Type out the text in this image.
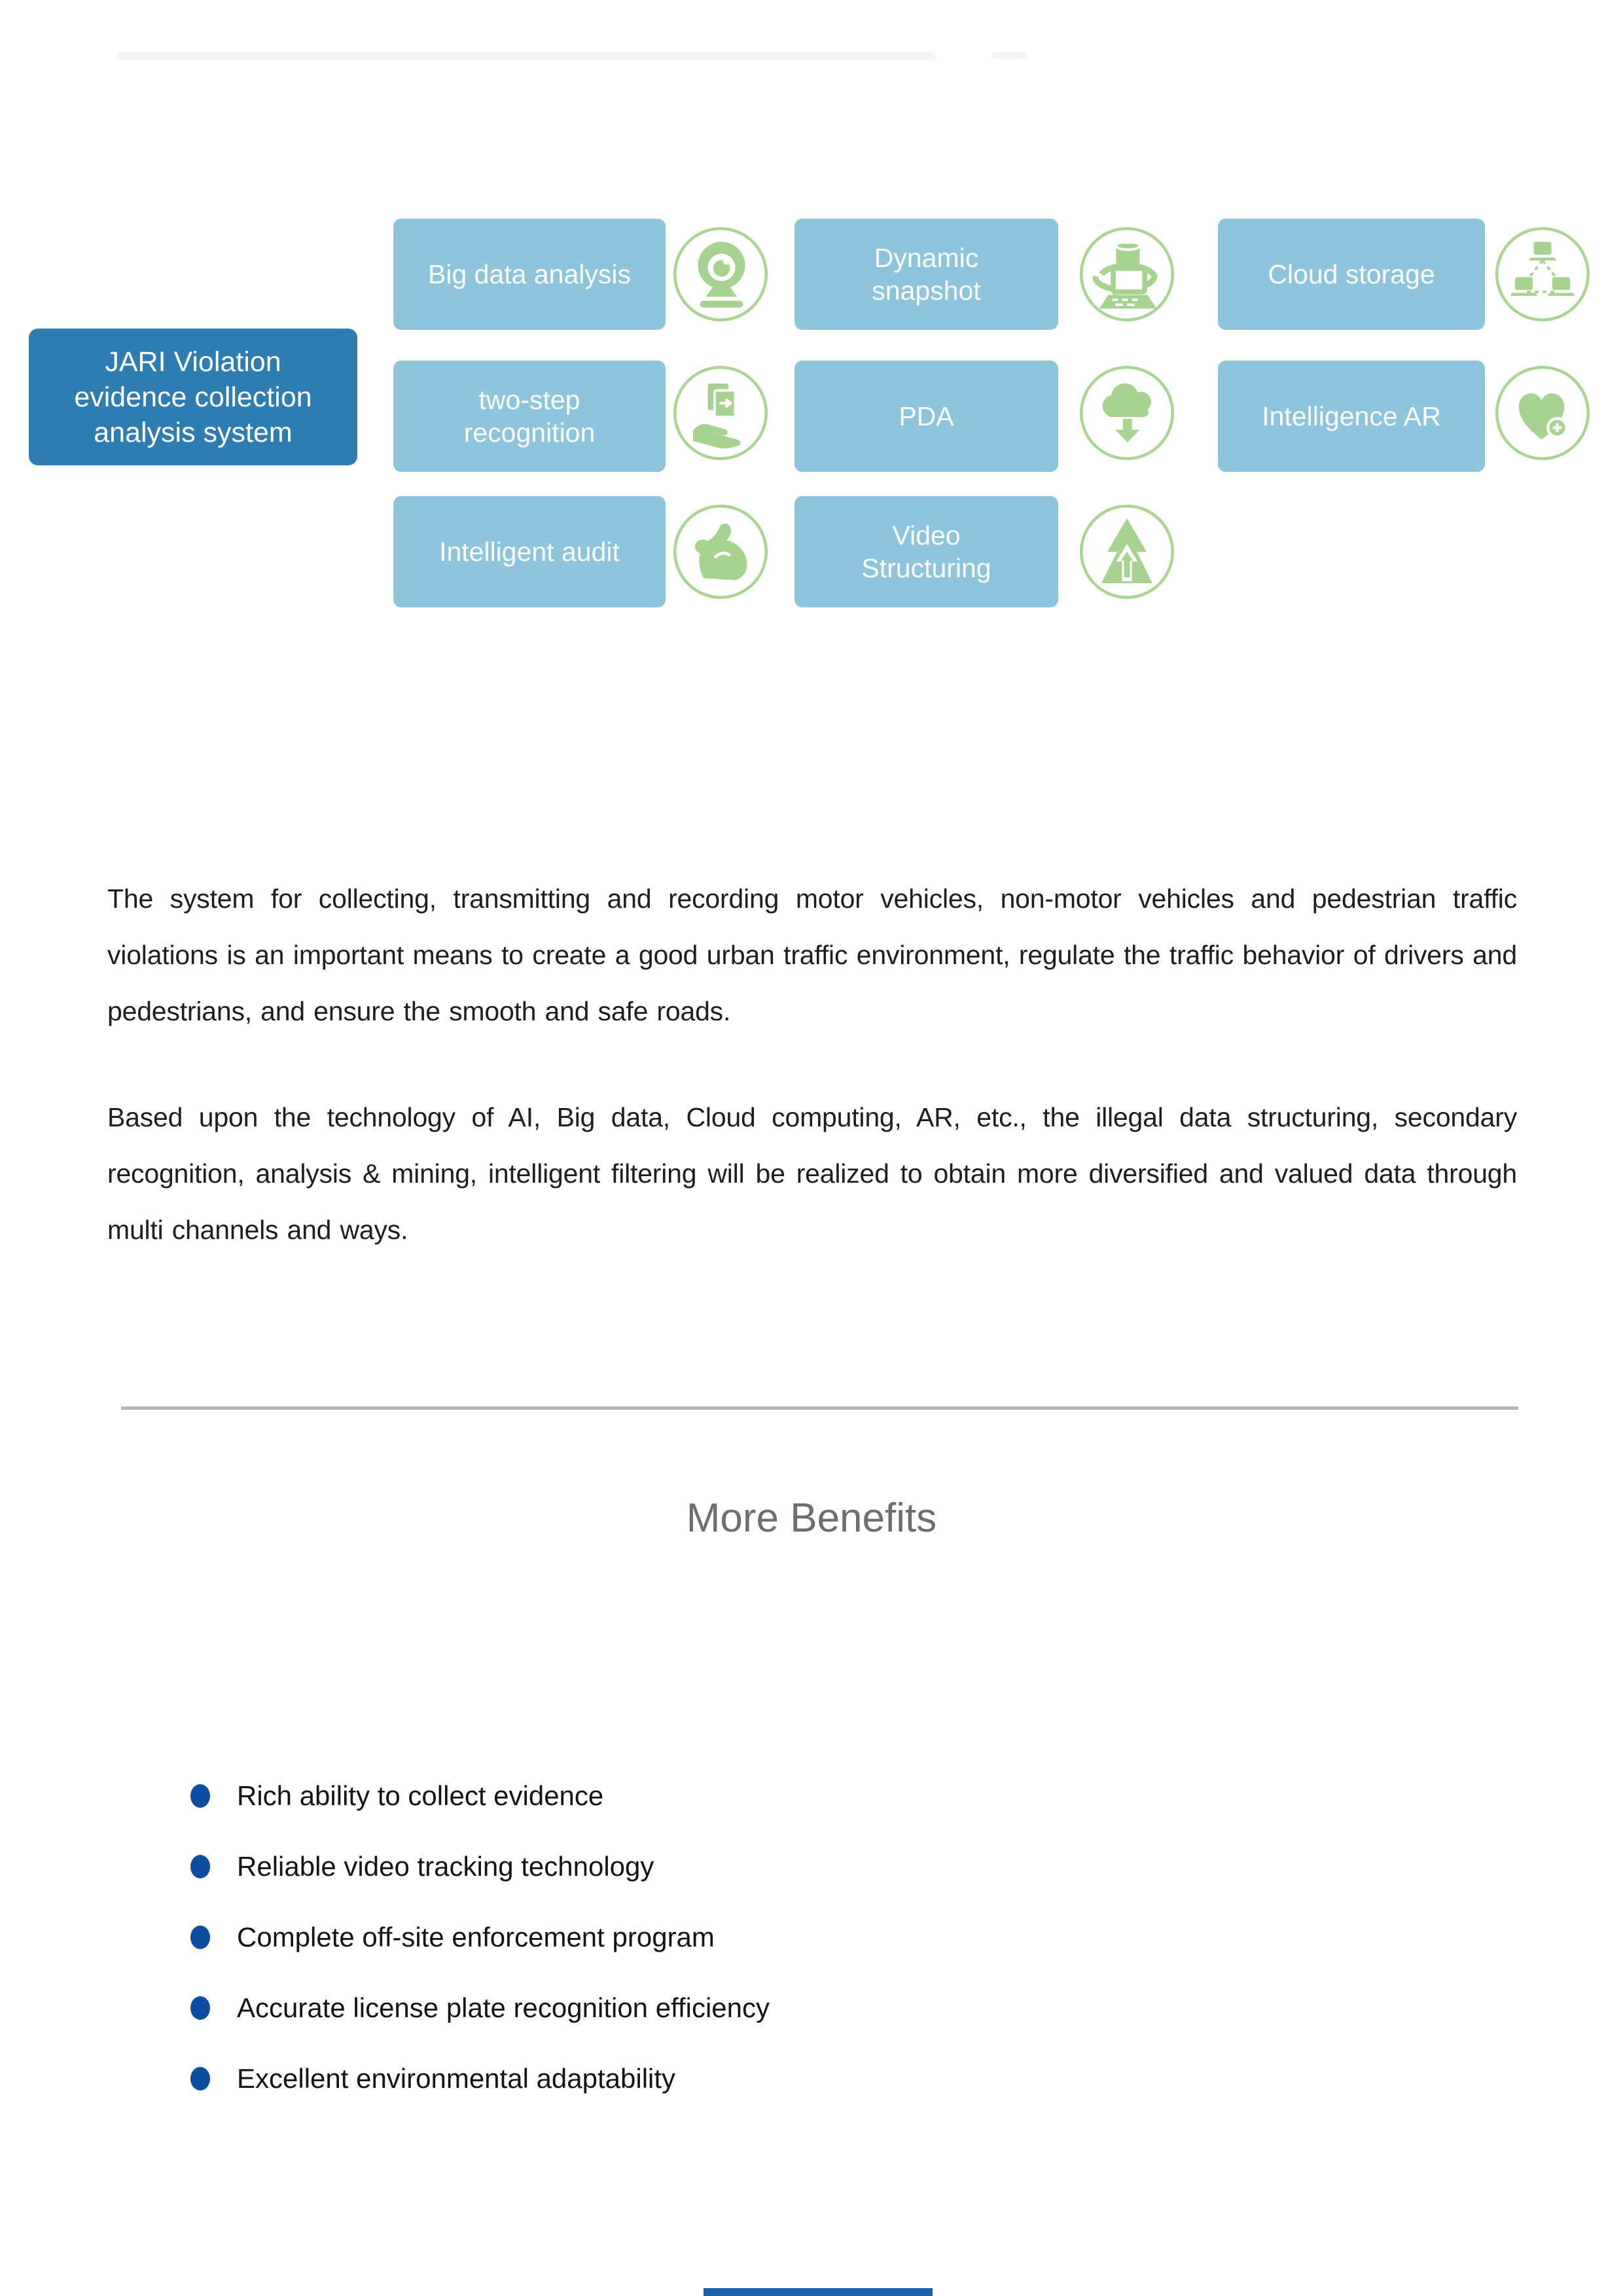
JARI Violation
evidence collection
analysis system
Big data analysis
Dynamic snapshot
Cloud storage
two-step recognition
PDA	Intelligence AR
Intelligent audit
Video Structuring

The system for collecting, transmitting and recording motor vehicles, non-motor vehicles and pedestrian traffic violations is an important means to create a good urban traffic environment, regulate the traffic behavior of drivers and pedestrians, and ensure the smooth and safe roads.

Based upon the technology of AI, Big data, Cloud computing, AR, etc., the illegal data structuring, secondary recognition, analysis & mining, intelligent filtering will be realized to obtain more diversified and valued data through multi channels and ways.

More Benefits
Rich ability to collect evidence
Reliable video tracking technology
Complete off-site enforcement program
Accurate license plate recognition efficiency
Excellent environmental adaptability
